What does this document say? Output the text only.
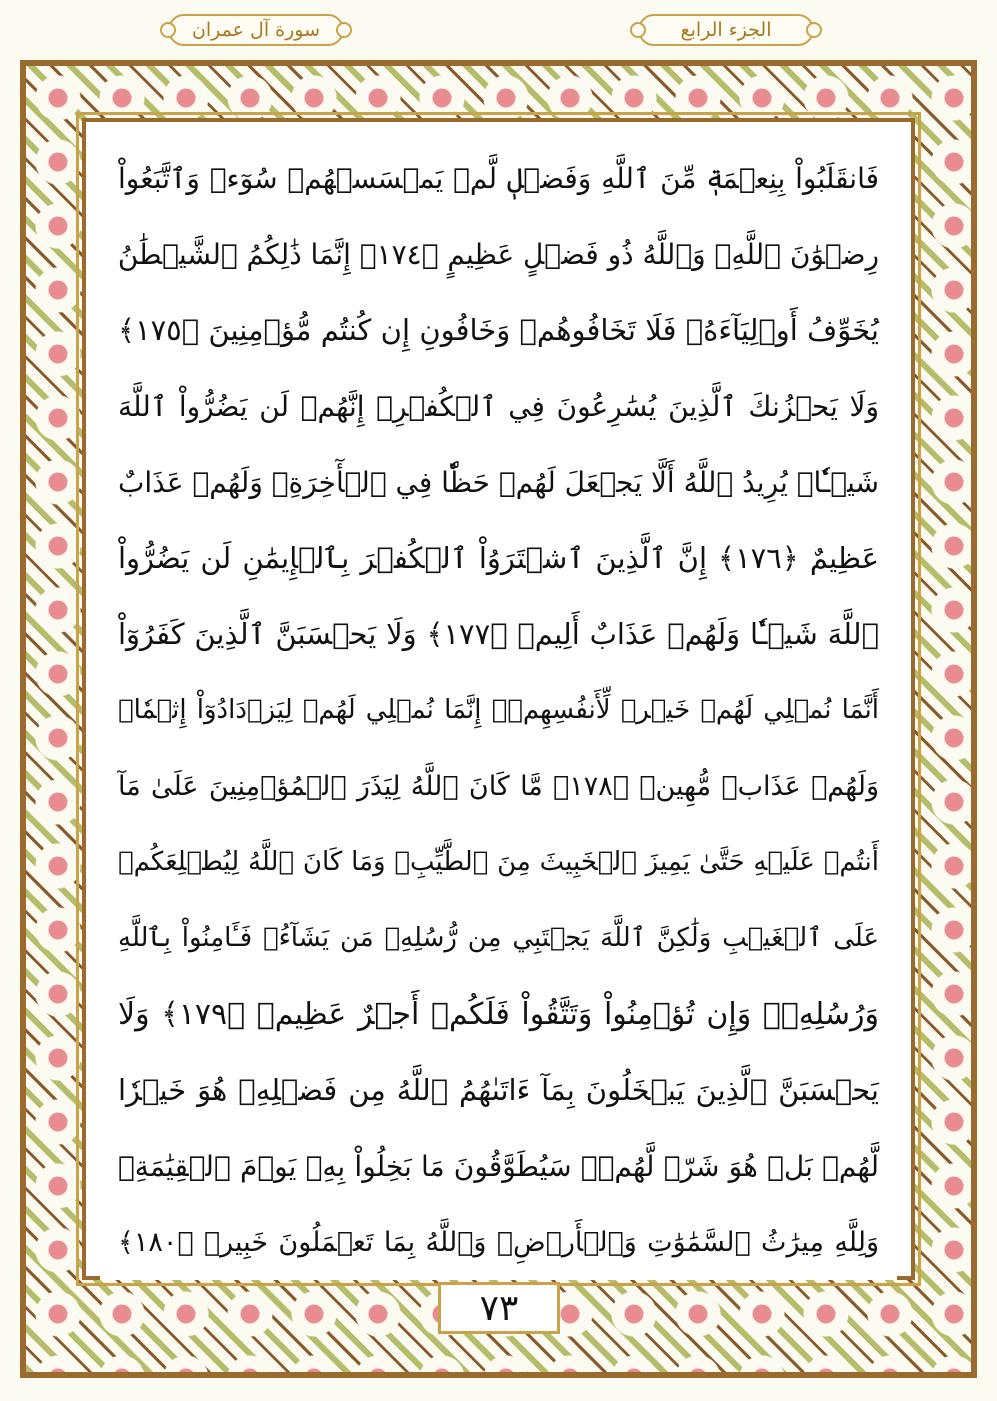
الجزء الرابع
سورة آل عمران
فَانقَلَبُواْ بِنِعۡمَةٖ مِّنَ ٱللَّهِ وَفَضۡلٖ لَّمۡ يَمۡسَسۡهُمۡ سُوٓءٞ وَٱتَّبَعُواْ
رِضۡوَٰنَ ٱللَّهِۗ وَٱللَّهُ ذُو فَضۡلٍ عَظِيمٍ ﴿١٧٤﴾ إِنَّمَا ذَٰلِكُمُ ٱلشَّيۡطَٰنُ
يُخَوِّفُ أَوۡلِيَآءَهُۥ فَلَا تَخَافُوهُمۡ وَخَافُونِ إِن كُنتُم مُّؤۡمِنِينَ ﴿١٧٥﴾
وَلَا يَحۡزُنكَ ٱلَّذِينَ يُسَٰرِعُونَ فِي ٱلۡكُفۡرِۚ إِنَّهُمۡ لَن يَضُرُّواْ ٱللَّهَ
شَيۡـٔٗاۗ يُرِيدُ ٱللَّهُ أَلَّا يَجۡعَلَ لَهُمۡ حَظّٗا فِي ٱلۡأٓخِرَةِۖ وَلَهُمۡ عَذَابٌ
عَظِيمٌ ﴿١٧٦﴾ إِنَّ ٱلَّذِينَ ٱشۡتَرَوُاْ ٱلۡكُفۡرَ بِٱلۡإِيمَٰنِ لَن يَضُرُّواْ
ٱللَّهَ شَيۡـٔٗا وَلَهُمۡ عَذَابٌ أَلِيمٞ ﴿١٧٧﴾ وَلَا يَحۡسَبَنَّ ٱلَّذِينَ كَفَرُوٓاْ
أَنَّمَا نُمۡلِي لَهُمۡ خَيۡرٞ لِّأَنفُسِهِمۡۚ إِنَّمَا نُمۡلِي لَهُمۡ لِيَزۡدَادُوٓاْ إِثۡمٗاۚ
وَلَهُمۡ عَذَابٞ مُّهِينٞ ﴿١٧٨﴾ مَّا كَانَ ٱللَّهُ لِيَذَرَ ٱلۡمُؤۡمِنِينَ عَلَىٰ مَآ
أَنتُمۡ عَلَيۡهِ حَتَّىٰ يَمِيزَ ٱلۡخَبِيثَ مِنَ ٱلطَّيِّبِۗ وَمَا كَانَ ٱللَّهُ لِيُطۡلِعَكُمۡ
عَلَى ٱلۡغَيۡبِ وَلَٰكِنَّ ٱللَّهَ يَجۡتَبِي مِن رُّسُلِهِۦ مَن يَشَآءُۖ فَـَٔامِنُواْ بِٱللَّهِ
وَرُسُلِهِۦۚ وَإِن تُؤۡمِنُواْ وَتَتَّقُواْ فَلَكُمۡ أَجۡرٌ عَظِيمٞ ﴿١٧٩﴾ وَلَا
يَحۡسَبَنَّ ٱلَّذِينَ يَبۡخَلُونَ بِمَآ ءَاتَىٰهُمُ ٱللَّهُ مِن فَضۡلِهِۦ هُوَ خَيۡرٗا
لَّهُمۖ بَلۡ هُوَ شَرّٞ لَّهُمۡۖ سَيُطَوَّقُونَ مَا بَخِلُواْ بِهِۦ يَوۡمَ ٱلۡقِيَٰمَةِۗ
وَلِلَّهِ مِيرَٰثُ ٱلسَّمَٰوَٰتِ وَٱلۡأَرۡضِۗ وَٱللَّهُ بِمَا تَعۡمَلُونَ خَبِيرٞ ﴿١٨٠﴾
٧٣
